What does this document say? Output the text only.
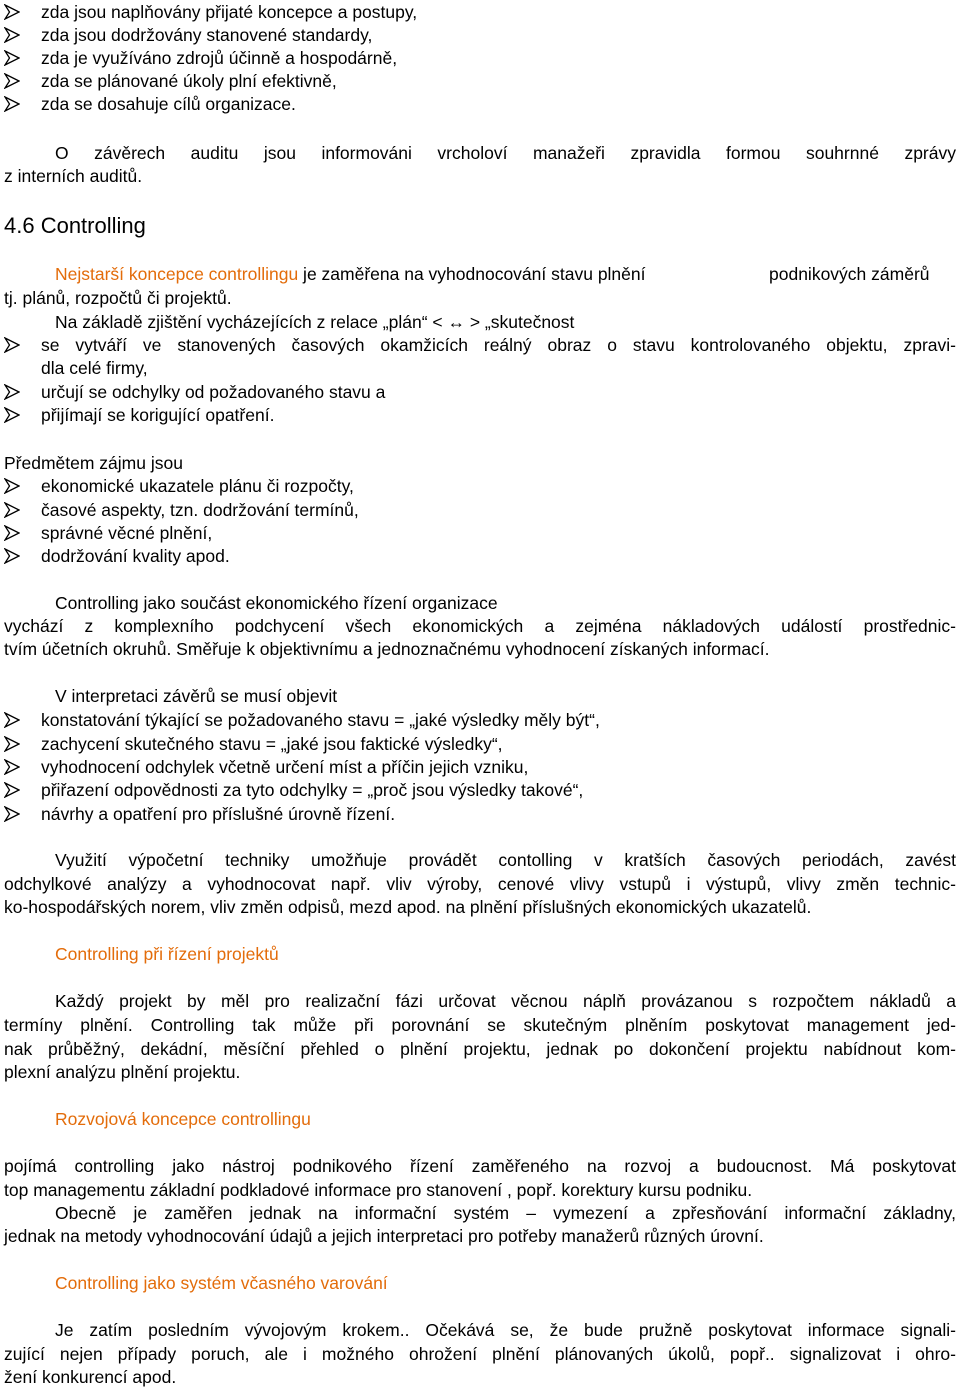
zda jsou naplňovány přijaté koncepce a postupy,
zda jsou dodržovány stanovené standardy,
zda je využíváno zdrojů účinně a hospodárně,
zda se plánované úkoly plní efektivně,
zda se dosahuje cílů organizace.
O závěrech auditu jsou informováni vrcholoví manažeři zpravidla formou souhrnné zprávy
z interních auditů.
4.6 Controlling
Nejstarší koncepce controllingu je zaměřena na vyhodnocování stavu plnění	podnikových záměrů
tj. plánů, rozpočtů či projektů.
Na základě zjištění vycházejících z relace „plán“ < ↔ > „skutečnost
se vytváří ve stanovených časových okamžicích reálný obraz o stavu kontrolovaného objektu, zpravi-
dla celé firmy,
určují se odchylky od požadovaného stavu a
přijímají se korigující opatření.
Předmětem zájmu jsou
ekonomické ukazatele plánu či rozpočty,
časové aspekty, tzn. dodržování termínů,
správné věcné plnění,
dodržování kvality apod.
Controlling jako součást ekonomického řízení organizace
vychází z komplexního podchycení všech ekonomických a zejména nákladových událostí prostřednic-
tvím účetních okruhů. Směřuje k objektivnímu a jednoznačnému vyhodnocení získaných informací.
V interpretaci závěrů se musí objevit
konstatování týkající se požadovaného stavu = „jaké výsledky měly být“,
zachycení skutečného stavu = „jaké jsou faktické výsledky“,
vyhodnocení odchylek včetně určení míst a příčin jejich vzniku,
přiřazení odpovědnosti za tyto odchylky = „proč jsou výsledky takové“,
návrhy a opatření pro příslušné úrovně řízení.
Využití výpočetní techniky umožňuje provádět contolling v kratších časových periodách, zavést
odchylkové analýzy a vyhodnocovat např. vliv výroby, cenové vlivy vstupů i výstupů, vlivy změn technic-
ko-hospodářských norem, vliv změn odpisů, mezd apod. na plnění příslušných ekonomických ukazatelů.
Controlling při řízení projektů
Každý projekt by měl pro realizační fázi určovat věcnou náplň provázanou s rozpočtem nákladů a
termíny plnění. Controlling tak může při porovnání se skutečným plněním poskytovat management jed-
nak průběžný, dekádní, měsíční přehled o plnění projektu, jednak po dokončení projektu nabídnout kom-
plexní analýzu plnění projektu.
Rozvojová koncepce controllingu
pojímá controlling jako nástroj podnikového řízení zaměřeného na rozvoj a budoucnost. Má poskytovat
top managementu základní podkladové informace pro stanovení , popř. korektury kursu podniku.
Obecně je zaměřen jednak na informační systém – vymezení a zpřesňování informační základny,
jednak na metody vyhodnocování údajů a jejich interpretaci pro potřeby manažerů různých úrovní.
Controlling jako systém včasného varování
Je zatím posledním vývojovým krokem.. Očekává se, že bude pružně poskytovat informace signali-
zující nejen případy poruch, ale i možného ohrožení plnění plánovaných úkolů, popř.. signalizovat i ohro-
žení konkurencí apod.
